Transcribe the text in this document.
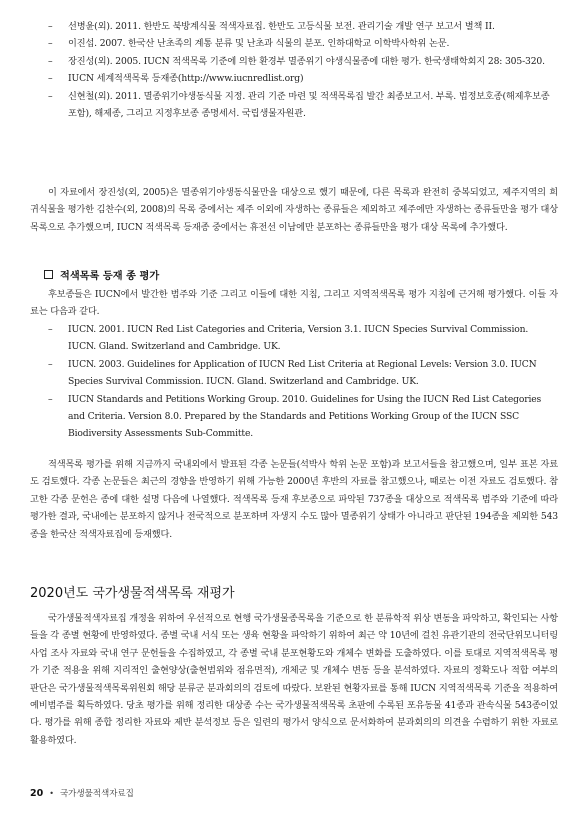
– 선병윤(외). 2011. 한반도 북방계식물 적색자료집. 한반도 고등식물 보전. 관리기술 개발 연구 보고서 별책 II.
– 이진섭. 2007. 한국산 난초족의 계통 분류 및 난초과 식물의 분포. 인하대학교 이학박사학위 논문.
– 장진성(외). 2005. IUCN 적색목록 기준에 의한 환경부 멸종위기 야생식물종에 대한 평가. 한국생태학회지 28: 305-320.
– IUCN 세계적색목록 등재종(http://www.iucnredlist.org)
– 신현철(외). 2011. 멸종위기야생동식물 지정. 관리 기준 마련 및 적색목록집 발간 최종보고서. 부록. 법정보호종(해제후보종 포함), 해제종, 그리고 지정후보종 종명세서. 국립생물자원관.

이 자료에서 장진성(외, 2005)은 멸종위기야생동식물만을 대상으로 했기 때문에, 다른 목록과 완전히 중복되었고, 제주지역의 희귀식물을 평가한 김찬수(외, 2008)의 목록 중에서는 제주 이외에 자생하는 종류들은 제외하고 제주에만 자생하는 종류들만을 평가 대상 목록으로 추가했으며, IUCN 적색목록 등재종 중에서는 휴전선 이남에만 분포하는 종류들만을 평가 대상 목록에 추가했다.

적색목록 등재 종 평가

후보종들은 IUCN에서 발간한 범주와 기준 그리고 이들에 대한 지침, 그리고 지역적색목록 평가 지침에 근거해 평가했다. 이들 자료는 다음과 같다.

– IUCN. 2001. IUCN Red List Categories and Criteria, Version 3.1. IUCN Species Survival Commission. IUCN. Gland. Switzerland and Cambridge. UK.
– IUCN. 2003. Guidelines for Application of IUCN Red List Criteria at Regional Levels: Version 3.0. IUCN Species Survival Commission. IUCN. Gland. Switzerland and Cambridge. UK.
– IUCN Standards and Petitions Working Group. 2010. Guidelines for Using the IUCN Red List Categories and Criteria. Version 8.0. Prepared by the Standards and Petitions Working Group of the IUCN SSC Biodiversity Assessments Sub-Committe.

적색목록 평가를 위해 지금까지 국내외에서 발표된 각종 논문들(석박사 학위 논문 포함)과 보고서들을 참고했으며, 일부 표본 자료도 검토했다. 각종 논문들은 최근의 경향을 반영하기 위해 가능한 2000년 후반의 자료를 참고했으나, 때로는 이전 자료도 검토했다. 참고한 각종 문헌은 종에 대한 설명 다음에 나열했다. 적색목록 등재 후보종으로 파악된 737종을 대상으로 적색목록 범주와 기준에 따라 평가한 결과, 국내에는 분포하지 않거나 전국적으로 분포하며 자생지 수도 많아 멸종위기 상태가 아니라고 판단된 194종을 제외한 543종을 한국산 적색자료집에 등재했다.

2020년도 국가생물적색목록 재평가

국가생물적색자료집 개정을 위하여 우선적으로 현행 국가생물종목록을 기준으로 한 분류학적 위상 변동을 파악하고, 확인되는 사항들을 각 종별 현황에 반영하였다. 종별 국내 서식 또는 생육 현황을 파악하기 위하여 최근 약 10년에 걸친 유관기관의 전국단위모니터링사업 조사 자료와 국내 연구 문헌들을 수집하였고, 각 종별 국내 분포현황도와 개체수 변화를 도출하였다. 이를 토대로 지역적색목록 평가 기준 적용을 위해 지리적인 출현양상(출현범위와 점유면적), 개체군 및 개체수 변동 등을 분석하였다. 자료의 정확도나 적합 여부의 판단은 국가생물적색목록위원회 해당 분류군 분과회의의 검토에 따랐다. 보완된 현황자료를 통해 IUCN 지역적색목록 기준을 적용하여 예비범주를 획득하였다. 당초 평가를 위해 정리한 대상종 수는 국가생물적색목록 초판에 수록된 포유동물 41종과 관속식물 543종이었다. 평가를 위해 종합 정리한 자료와 제반 분석정보 등은 일련의 평가서 양식으로 문서화하여 분과회의의 의견을 수렴하기 위한 자료로 활용하였다.

20 • 국가생물적색자료집
